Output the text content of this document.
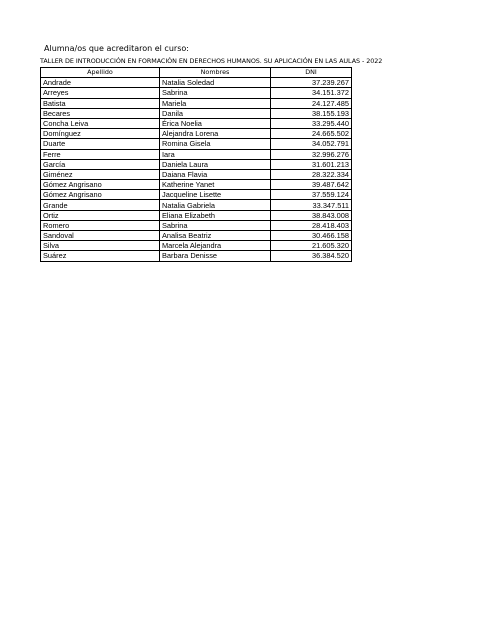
Alumna/os que acreditaron el curso:
TALLER DE INTRODUCCIÓN EN FORMACIÓN EN DERECHOS HUMANOS. SU APLICACIÓN EN LAS AULAS - 2022
Apellido	Nombres	DNI
Andrade	Natalia Soledad	37.239.267
Arreyes	Sabrina	34.151.372
Batista	Mariela	24.127.485
Becares	Danila	38.155.193
Concha Leiva	Érica Noelia	33.295.440
Domínguez	Alejandra Lorena	24.665.502
Duarte	Romina Gisela	34.052.791
Ferre	Iara	32.996.276
García	Daniela Laura	31.601.213
Giménez	Daiana Flavia	28.322.334
Gómez Angrisano	Katherine Yanet	39.487.642
Gómez Angrisano	Jacqueline Lisette	37.559.124
Grande	Natalia Gabriela	33.347.511
Ortiz	Eliana Elizabeth	38.843.008
Romero	Sabrina	28.418.403
Sandoval	Analisa Beatriz	30.466.158
Silva	Marcela Alejandra	21.605.320
Suárez	Barbara Denisse	36.384.520
